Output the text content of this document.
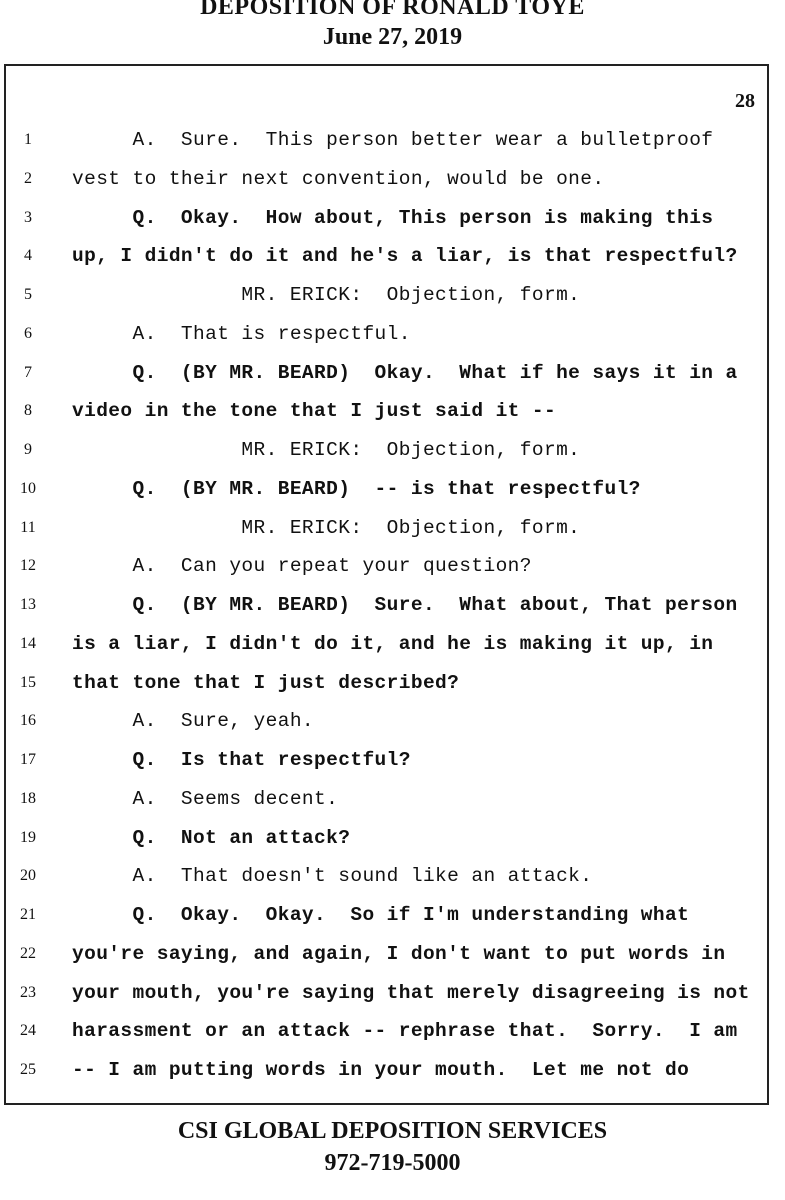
DEPOSITION OF RONALD TOYE
June 27, 2019
28
1	A.  Sure.  This person better wear a bulletproof
2	vest to their next convention, would be one.
3	Q.  Okay.  How about, This person is making this
4	up, I didn't do it and he's a liar, is that respectful?
5	MR. ERICK:  Objection, form.
6	A.  That is respectful.
7	Q.  (BY MR. BEARD)  Okay.  What if he says it in a
8	video in the tone that I just said it --
9	MR. ERICK:  Objection, form.
10	Q.  (BY MR. BEARD)  -- is that respectful?
11	MR. ERICK:  Objection, form.
12	A.  Can you repeat your question?
13	Q.  (BY MR. BEARD)  Sure.  What about, That person
14	is a liar, I didn't do it, and he is making it up, in
15	that tone that I just described?
16	A.  Sure, yeah.
17	Q.  Is that respectful?
18	A.  Seems decent.
19	Q.  Not an attack?
20	A.  That doesn't sound like an attack.
21	Q.  Okay.  Okay.  So if I'm understanding what
22	you're saying, and again, I don't want to put words in
23	your mouth, you're saying that merely disagreeing is not
24	harassment or an attack -- rephrase that.  Sorry.  I am
25	-- I am putting words in your mouth.  Let me not do
CSI GLOBAL DEPOSITION SERVICES
972-719-5000
